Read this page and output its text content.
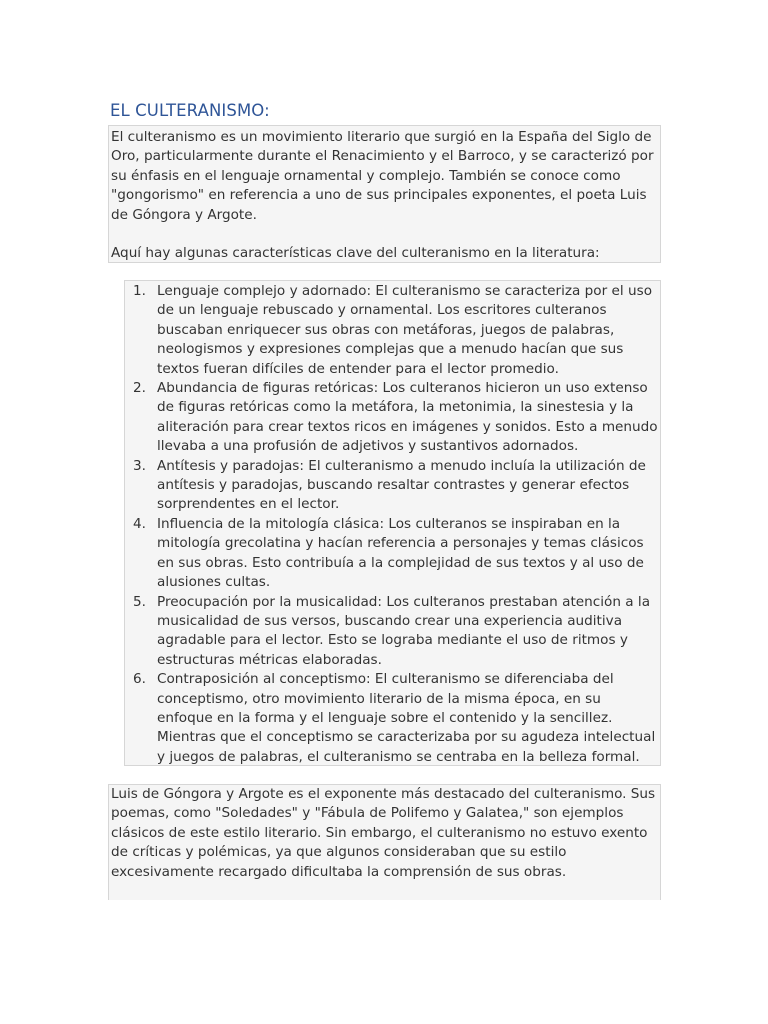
EL CULTERANISMO:

El culteranismo es un movimiento literario que surgió en la España del Siglo de Oro, particularmente durante el Renacimiento y el Barroco, y se caracterizó por su énfasis en el lenguaje ornamental y complejo. También se conoce como "gongorismo" en referencia a uno de sus principales exponentes, el poeta Luis de Góngora y Argote.

Aquí hay algunas características clave del culteranismo en la literatura:

1. Lenguaje complejo y adornado: El culteranismo se caracteriza por el uso de un lenguaje rebuscado y ornamental. Los escritores culteranos buscaban enriquecer sus obras con metáforas, juegos de palabras, neologismos y expresiones complejas que a menudo hacían que sus textos fueran difíciles de entender para el lector promedio.
2. Abundancia de figuras retóricas: Los culteranos hicieron un uso extenso de figuras retóricas como la metáfora, la metonimia, la sinestesia y la aliteración para crear textos ricos en imágenes y sonidos. Esto a menudo llevaba a una profusión de adjetivos y sustantivos adornados.
3. Antítesis y paradojas: El culteranismo a menudo incluía la utilización de antítesis y paradojas, buscando resaltar contrastes y generar efectos sorprendentes en el lector.
4. Influencia de la mitología clásica: Los culteranos se inspiraban en la mitología grecolatina y hacían referencia a personajes y temas clásicos en sus obras. Esto contribuía a la complejidad de sus textos y al uso de alusiones cultas.
5. Preocupación por la musicalidad: Los culteranos prestaban atención a la musicalidad de sus versos, buscando crear una experiencia auditiva agradable para el lector. Esto se lograba mediante el uso de ritmos y estructuras métricas elaboradas.
6. Contraposición al conceptismo: El culteranismo se diferenciaba del conceptismo, otro movimiento literario de la misma época, en su enfoque en la forma y el lenguaje sobre el contenido y la sencillez. Mientras que el conceptismo se caracterizaba por su agudeza intelectual y juegos de palabras, el culteranismo se centraba en la belleza formal.

Luis de Góngora y Argote es el exponente más destacado del culteranismo. Sus poemas, como "Soledades" y "Fábula de Polifemo y Galatea," son ejemplos clásicos de este estilo literario. Sin embargo, el culteranismo no estuvo exento de críticas y polémicas, ya que algunos consideraban que su estilo excesivamente recargado dificultaba la comprensión de sus obras.
